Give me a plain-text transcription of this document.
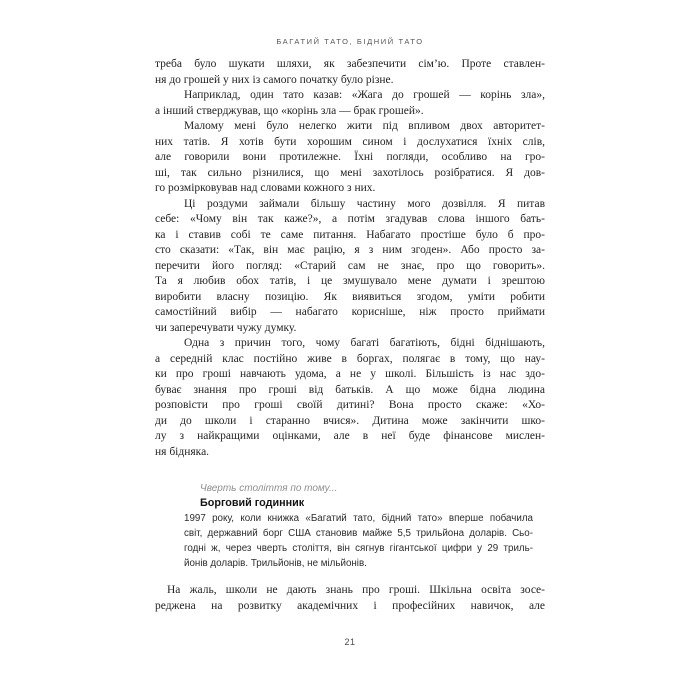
БАГАТИЙ ТАТО, БІДНИЙ ТАТО
треба було шукати шляхи, як забезпечити сім’ю. Проте ставлен-
ня до грошей у них із самого початку було різне.
Наприклад, один тато казав: «Жага до грошей — корінь зла»,
а інший стверджував, що «корінь зла — брак грошей».
Малому мені було нелегко жити під впливом двох авторитет-
них татів. Я хотів бути хорошим сином і дослухатися їхніх слів,
але говорили вони протилежне. Їхні погляди, особливо на гро-
ші, так сильно різнилися, що мені захотілось розібратися. Я дов-
го розмірковував над словами кожного з них.
Ці роздуми займали більшу частину мого дозвілля. Я питав
себе: «Чому він так каже?», а потім згадував слова іншого бать-
ка і ставив собі те саме питання. Набагато простіше було б про-
сто сказати: «Так, він має рацію, я з ним згоден». Або просто за-
перечити його погляд: «Старий сам не знає, про що говорить».
Та я любив обох татів, і це змушувало мене думати і зрештою
виробити власну позицію. Як виявиться згодом, уміти робити
самостійний вибір — набагато корисніше, ніж просто приймати
чи заперечувати чужу думку.
Одна з причин того, чому багаті багатіють, бідні біднішають,
а середній клас постійно живе в боргах, полягає в тому, що нау-
ки про гроші навчають удома, а не у школі. Більшість із нас здо-
буває знання про гроші від батьків. А що може бідна людина
розповісти про гроші своїй дитині? Вона просто скаже: «Хо-
ди до школи і старанно вчися». Дитина може закінчити шко-
лу з найкращими оцінками, але в неї буде фінансове мислен-
ня бідняка.
Чверть століття по тому...
Борговий годинник
1997 року, коли книжка «Багатий тато, бідний тато» вперше побачила
світ, державний борг США становив майже 5,5 трильйона доларів. Сьо-
годні ж, через чверть століття, він сягнув гігантської цифри у 29 триль-
йонів доларів. Трильйонів, не мільйонів.
На жаль, школи не дають знань про гроші. Шкільна освіта зосе-
реджена на розвитку академічних і професійних навичок, але
21
